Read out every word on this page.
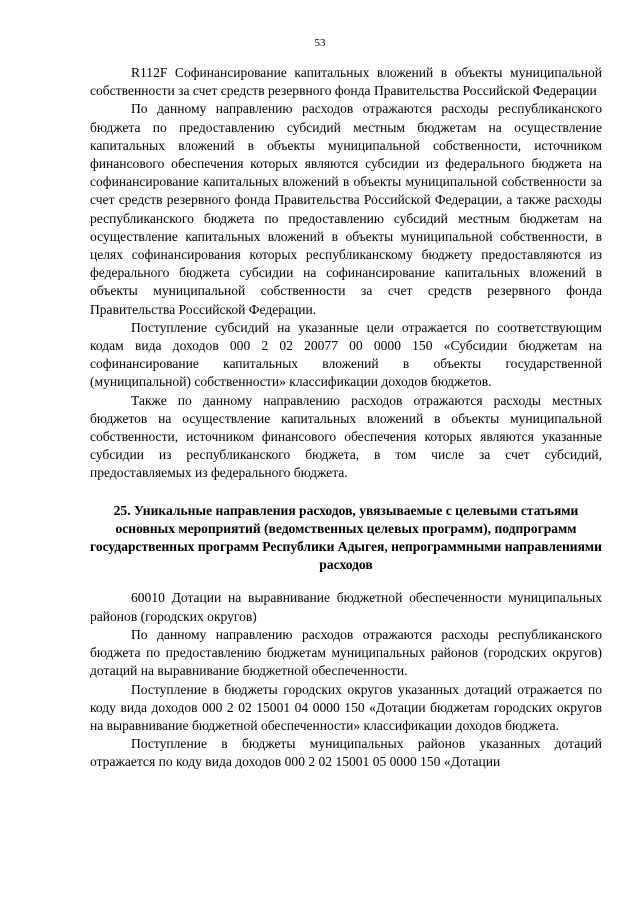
53

R112F Софинансирование капитальных вложений в объекты муниципальной собственности за счет средств резервного фонда Правительства Российской Федерации

По данному направлению расходов отражаются расходы республиканского бюджета по предоставлению субсидий местным бюджетам на осуществление капитальных вложений в объекты муниципальной собственности, источником финансового обеспечения которых являются субсидии из федерального бюджета на софинансирование капитальных вложений в объекты муниципальной собственности за счет средств резервного фонда Правительства Российской Федерации, а также расходы республиканского бюджета по предоставлению субсидий местным бюджетам на осуществление капитальных вложений в объекты муниципальной собственности, в целях софинансирования которых республиканскому бюджету предоставляются из федерального бюджета субсидии на софинансирование капитальных вложений в объекты муниципальной собственности за счет средств резервного фонда Правительства Российской Федерации.

Поступление субсидий на указанные цели отражается по соответствующим кодам вида доходов 000 2 02 20077 00 0000 150 «Субсидии бюджетам на софинансирование капитальных вложений в объекты государственной (муниципальной) собственности» классификации доходов бюджетов.

Также по данному направлению расходов отражаются расходы местных бюджетов на осуществление капитальных вложений в объекты муниципальной собственности, источником финансового обеспечения которых являются указанные субсидии из республиканского бюджета, в том числе за счет субсидий, предоставляемых из федерального бюджета.

25. Уникальные направления расходов, увязываемые с целевыми статьями основных мероприятий (ведомственных целевых программ), подпрограмм государственных программ Республики Адыгея, непрограммными направлениями расходов

60010 Дотации на выравнивание бюджетной обеспеченности муниципальных районов (городских округов)

По данному направлению расходов отражаются расходы республиканского бюджета по предоставлению бюджетам муниципальных районов (городских округов) дотаций на выравнивание бюджетной обеспеченности.

Поступление в бюджеты городских округов указанных дотаций отражается по коду вида доходов 000 2 02 15001 04 0000 150 «Дотации бюджетам городских округов на выравнивание бюджетной обеспеченности» классификации доходов бюджета.

Поступление в бюджеты муниципальных районов указанных дотаций отражается по коду вида доходов 000 2 02 15001 05 0000 150 «Дотации
